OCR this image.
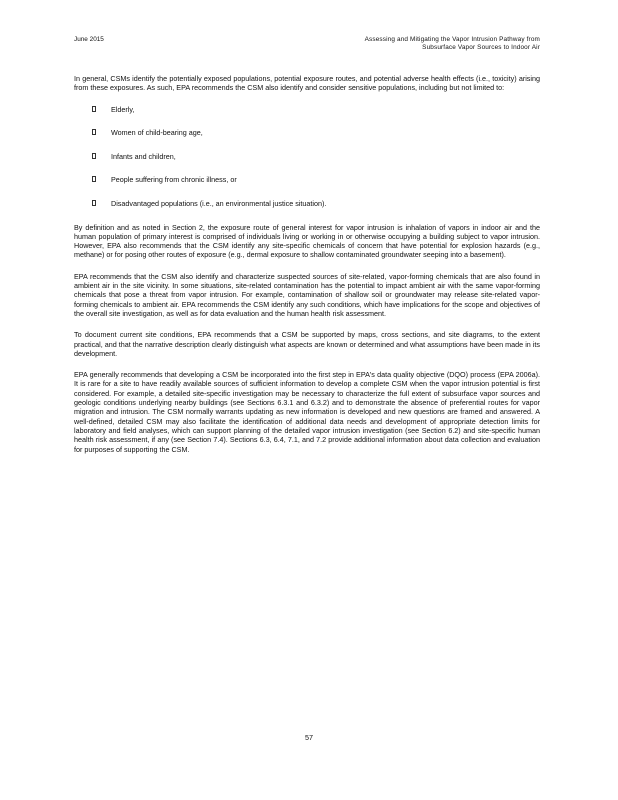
June 2015	Assessing and Mitigating the Vapor Intrusion Pathway from
Subsurface Vapor Sources to Indoor Air

In general, CSMs identify the potentially exposed populations, potential exposure routes, and potential adverse health effects (i.e., toxicity) arising from these exposures. As such, EPA recommends the CSM also identify and consider sensitive populations, including but not limited to:

Elderly,
Women of child-bearing age,
Infants and children,
People suffering from chronic illness, or
Disadvantaged populations (i.e., an environmental justice situation).

By definition and as noted in Section 2, the exposure route of general interest for vapor intrusion is inhalation of vapors in indoor air and the human population of primary interest is comprised of individuals living or working in or otherwise occupying a building subject to vapor intrusion. However, EPA also recommends that the CSM identify any site-specific chemicals of concern that have potential for explosion hazards (e.g., methane) or for posing other routes of exposure (e.g., dermal exposure to shallow contaminated groundwater seeping into a basement).

EPA recommends that the CSM also identify and characterize suspected sources of site-related, vapor-forming chemicals that are also found in ambient air in the site vicinity. In some situations, site-related contamination has the potential to impact ambient air with the same vapor-forming chemicals that pose a threat from vapor intrusion. For example, contamination of shallow soil or groundwater may release site-related vapor-forming chemicals to ambient air. EPA recommends the CSM identify any such conditions, which have implications for the scope and objectives of the overall site investigation, as well as for data evaluation and the human health risk assessment.

To document current site conditions, EPA recommends that a CSM be supported by maps, cross sections, and site diagrams, to the extent practical, and that the narrative description clearly distinguish what aspects are known or determined and what assumptions have been made in its development.

EPA generally recommends that developing a CSM be incorporated into the first step in EPA's data quality objective (DQO) process (EPA 2006a). It is rare for a site to have readily available sources of sufficient information to develop a complete CSM when the vapor intrusion potential is first considered. For example, a detailed site-specific investigation may be necessary to characterize the full extent of subsurface vapor sources and geologic conditions underlying nearby buildings (see Sections 6.3.1 and 6.3.2) and to demonstrate the absence of preferential routes for vapor migration and intrusion. The CSM normally warrants updating as new information is developed and new questions are framed and answered. A well-defined, detailed CSM may also facilitate the identification of additional data needs and development of appropriate detection limits for laboratory and field analyses, which can support planning of the detailed vapor intrusion investigation (see Section 6.2) and site-specific human health risk assessment, if any (see Section 7.4). Sections 6.3, 6.4, 7.1, and 7.2 provide additional information about data collection and evaluation for purposes of supporting the CSM.

57
